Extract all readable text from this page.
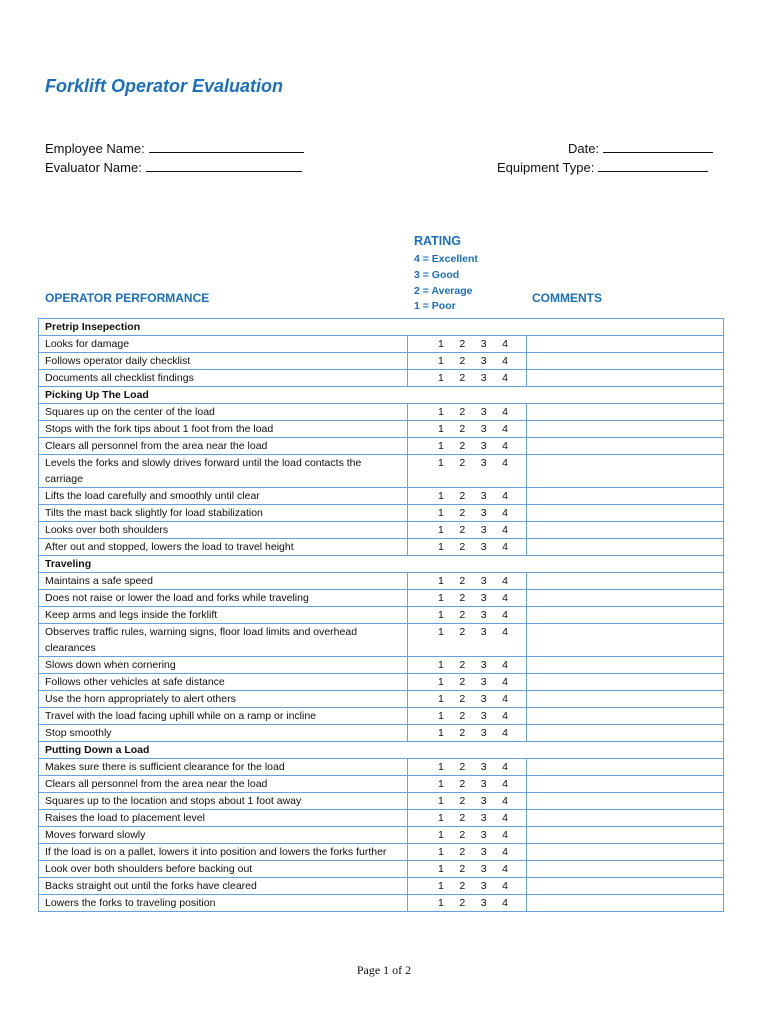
Forklift Operator Evaluation
Employee Name:
Evaluator Name:
Date:
Equipment Type:
RATING
4 = Excellent
3 = Good
2 = Average
1 = Poor
OPERATOR PERFORMANCE	COMMENTS
Pretrip Insepection		
Looks for damage	1 2 3 4	

Follows operator daily checklist	1 2 3 4	

Documents all checklist findings	1 2 3 4	

Picking Up The Load		
Squares up on the center of the load	1 2 3 4	

Stops with the fork tips about 1 foot from the load	1 2 3 4	

Clears all personnel from the area near the load	1 2 3 4	

Levels the forks and slowly drives forward until the load contacts the carriage	1 2 3 4	

Lifts the load carefully and smoothly until clear	1 2 3 4	

Tilts the mast back slightly for load stabilization	1 2 3 4	

Looks over both shoulders	1 2 3 4	

After out and stopped, lowers the load to travel height	1 2 3 4	

Traveling		
Maintains a safe speed	1 2 3 4	

Does not raise or lower the load and forks while traveling	1 2 3 4	

Keep arms and legs inside the forklift	1 2 3 4	

Observes traffic rules, warning signs, floor load limits and overhead clearances	1 2 3 4	

Slows down when cornering	1 2 3 4	

Follows other vehicles at safe distance	1 2 3 4	

Use the horn appropriately to alert others	1 2 3 4	

Travel with the load facing uphill while on a ramp or incline	1 2 3 4	

Stop smoothly	1 2 3 4	

Putting Down a Load		
Makes sure there is sufficient clearance for the load	1 2 3 4	

Clears all personnel from the area near the load	1 2 3 4	

Squares up to the location and stops about 1 foot away	1 2 3 4	

Raises the load to placement level	1 2 3 4	

Moves forward slowly	1 2 3 4	

If the load is on a pallet, lowers it into position and lowers the forks further	1 2 3 4	

Look over both shoulders before backing out	1 2 3 4	

Backs straight out until the forks have cleared	1 2 3 4	

Lowers the forks to traveling position	1 2 3 4	

Page 1 of 2
